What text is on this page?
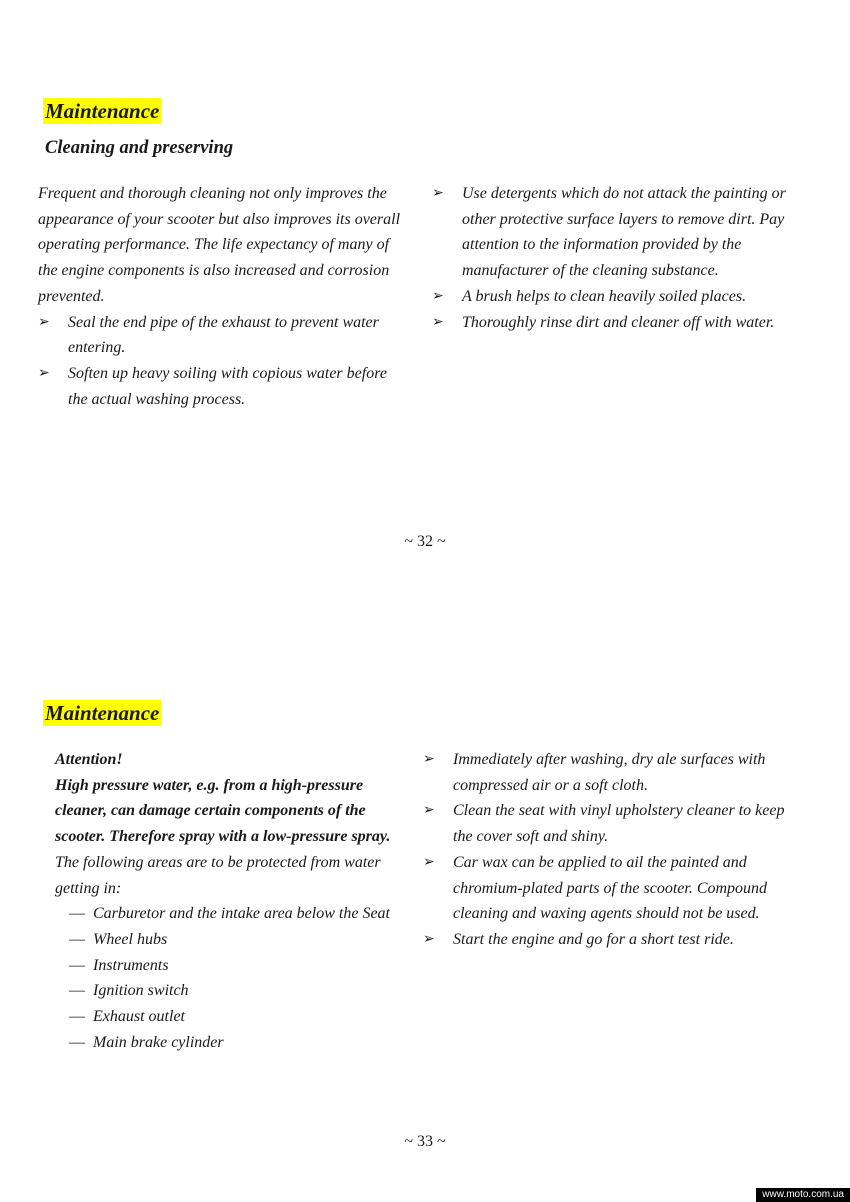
Maintenance
Cleaning and preserving

Frequent and thorough cleaning not only improves the appearance of your scooter but also improves its overall operating performance. The life expectancy of many of the engine components is also increased and corrosion prevented.

➢ Seal the end pipe of the exhaust to prevent water entering.
➢ Soften up heavy soiling with copious water before the actual washing process.
➢ Use detergents which do not attack the painting or other protective surface layers to remove dirt. Pay attention to the information provided by the manufacturer of the cleaning substance.
➢ A brush helps to clean heavily soiled places.
➢ Thoroughly rinse dirt and cleaner off with water.
~ 32 ~
Maintenance

Attention!

High pressure water, e.g. from a high-pressure cleaner, can damage certain components of the scooter. Therefore spray with a low-pressure spray.

The following areas are to be protected from water getting in:

— Carburetor and the intake area below the Seat
— Wheel hubs
— Instruments
— Ignition switch
— Exhaust outlet
— Main brake cylinder
➢ Immediately after washing, dry ale surfaces with compressed air or a soft cloth.
➢ Clean the seat with vinyl upholstery cleaner to keep the cover soft and shiny.
➢ Car wax can be applied to ail the painted and chromium-plated parts of the scooter. Compound cleaning and waxing agents should not be used.
➢ Start the engine and go for a short test ride.
~ 33 ~
www.moto.com.ua
